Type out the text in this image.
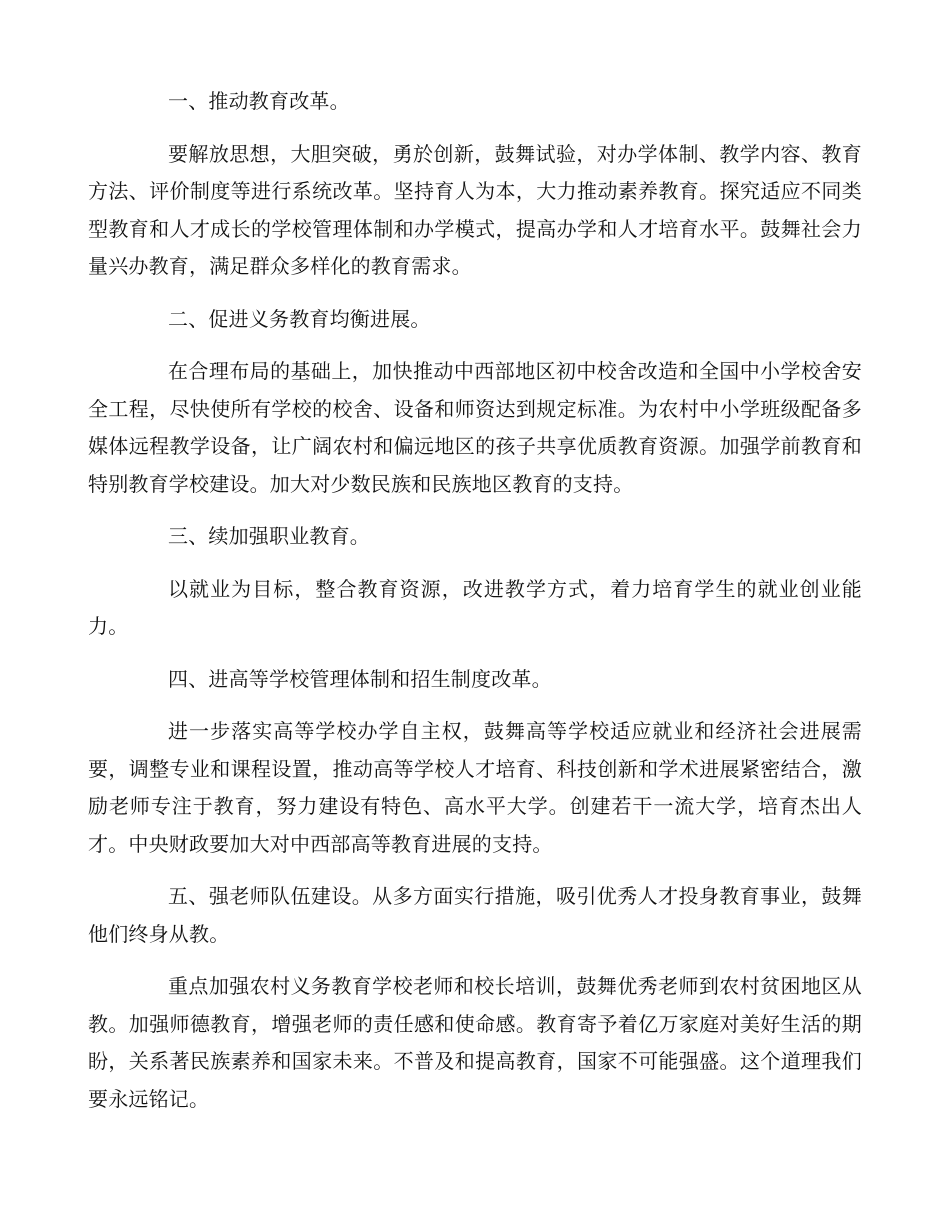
一、推动教育改革。

要解放思想，大胆突破，勇於创新，鼓舞试验，对办学体制、教学内容、教育方法、评价制度等进行系统改革。坚持育人为本，大力推动素养教育。探究适应不同类型教育和人才成长的学校管理体制和办学模式，提高办学和人才培育水平。鼓舞社会力量兴办教育，满足群众多样化的教育需求。

二、促进义务教育均衡进展。

在合理布局的基础上，加快推动中西部地区初中校舍改造和全国中小学校舍安全工程，尽快使所有学校的校舍、设备和师资达到规定标准。为农村中小学班级配备多媒体远程教学设备，让广阔农村和偏远地区的孩子共享优质教育资源。加强学前教育和特别教育学校建设。加大对少数民族和民族地区教育的支持。

三、续加强职业教育。

以就业为目标，整合教育资源，改进教学方式，着力培育学生的就业创业能力。

四、进高等学校管理体制和招生制度改革。

进一步落实高等学校办学自主权，鼓舞高等学校适应就业和经济社会进展需要，调整专业和课程设置，推动高等学校人才培育、科技创新和学术进展紧密结合，激励老师专注于教育，努力建设有特色、高水平大学。创建若干一流大学，培育杰出人才。中央财政要加大对中西部高等教育进展的支持。

五、强老师队伍建设。从多方面实行措施，吸引优秀人才投身教育事业，鼓舞他们终身从教。

重点加强农村义务教育学校老师和校长培训，鼓舞优秀老师到农村贫困地区从教。加强师德教育，增强老师的责任感和使命感。教育寄予着亿万家庭对美好生活的期盼，关系著民族素养和国家未来。不普及和提高教育，国家不可能强盛。这个道理我们要永远铭记。
